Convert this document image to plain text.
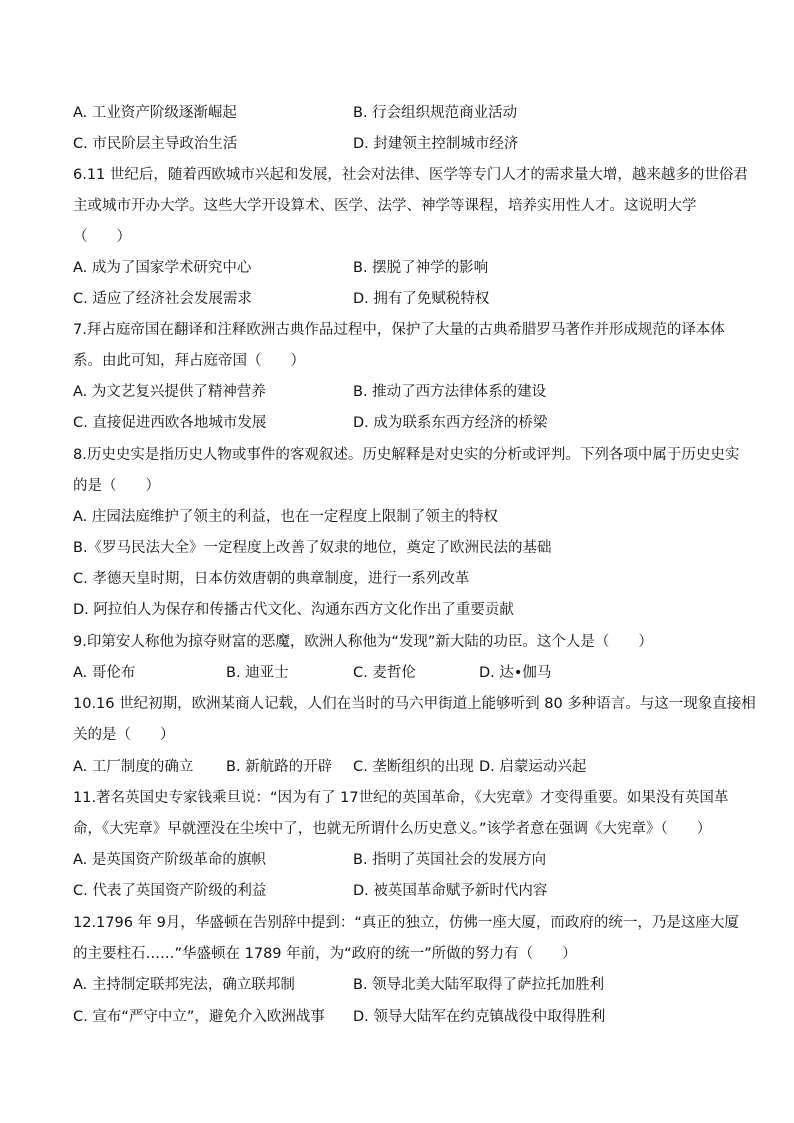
A. 工业资产阶级逐渐崛起	B. 行会组织规范商业活动
C. 市民阶层主导政治生活	D. 封建领主控制城市经济
6.11 世纪后，随着西欧城市兴起和发展，社会对法律、医学等专门人才的需求量大增，越来越多的世俗君
主或城市开办大学。这些大学开设算术、医学、法学、神学等课程，培养实用性人才。这说明大学
（　　）
A. 成为了国家学术研究中心	B. 摆脱了神学的影响
C. 适应了经济社会发展需求	D. 拥有了免赋税特权
7.拜占庭帝国在翻译和注释欧洲古典作品过程中，保护了大量的古典希腊罗马著作并形成规范的译本体
系。由此可知，拜占庭帝国（　　）
A. 为文艺复兴提供了精神营养	B. 推动了西方法律体系的建设
C. 直接促进西欧各地城市发展	D. 成为联系东西方经济的桥梁
8.历史史实是指历史人物或事件的客观叙述。历史解释是对史实的分析或评判。下列各项中属于历史史实
的是（　　）
A. 庄园法庭维护了领主的利益，也在一定程度上限制了领主的特权
B.《罗马民法大全》一定程度上改善了奴隶的地位，奠定了欧洲民法的基础
C. 孝德天皇时期，日本仿效唐朝的典章制度，进行一系列改革
D. 阿拉伯人为保存和传播古代文化、沟通东西方文化作出了重要贡献
9.印第安人称他为掠夺财富的恶魔，欧洲人称他为“发现”新大陆的功臣。这个人是（　　）
A. 哥伦布	B. 迪亚士	C. 麦哲伦	D. 达•伽马
10.16 世纪初期，欧洲某商人记载，人们在当时的马六甲街道上能够听到 80 多种语言。与这一现象直接相
关的是（　　）
A. 工厂制度的确立 B. 新航路的开辟 C. 垄断组织的出现 D. 启蒙运动兴起
11.著名英国史专家钱乘旦说：“因为有了 17世纪的英国革命，《大宪章》才变得重要。如果没有英国革
命，《大宪章》早就湮没在尘埃中了，也就无所谓什么历史意义。”该学者意在强调《大宪章》（　　）
A. 是英国资产阶级革命的旗帜	B. 指明了英国社会的发展方向
C. 代表了英国资产阶级的利益	D. 被英国革命赋予新时代内容
12.1796 年 9月，华盛顿在告别辞中提到：“真正的独立，仿佛一座大厦，而政府的统一，乃是这座大厦
的主要柱石……”华盛顿在 1789 年前，为“政府的统一”所做的努力有（　　）
A. 主持制定联邦宪法，确立联邦制	B. 领导北美大陆军取得了萨拉托加胜利
C. 宣布“严守中立”，避免介入欧洲战事 D. 领导大陆军在约克镇战役中取得胜利
